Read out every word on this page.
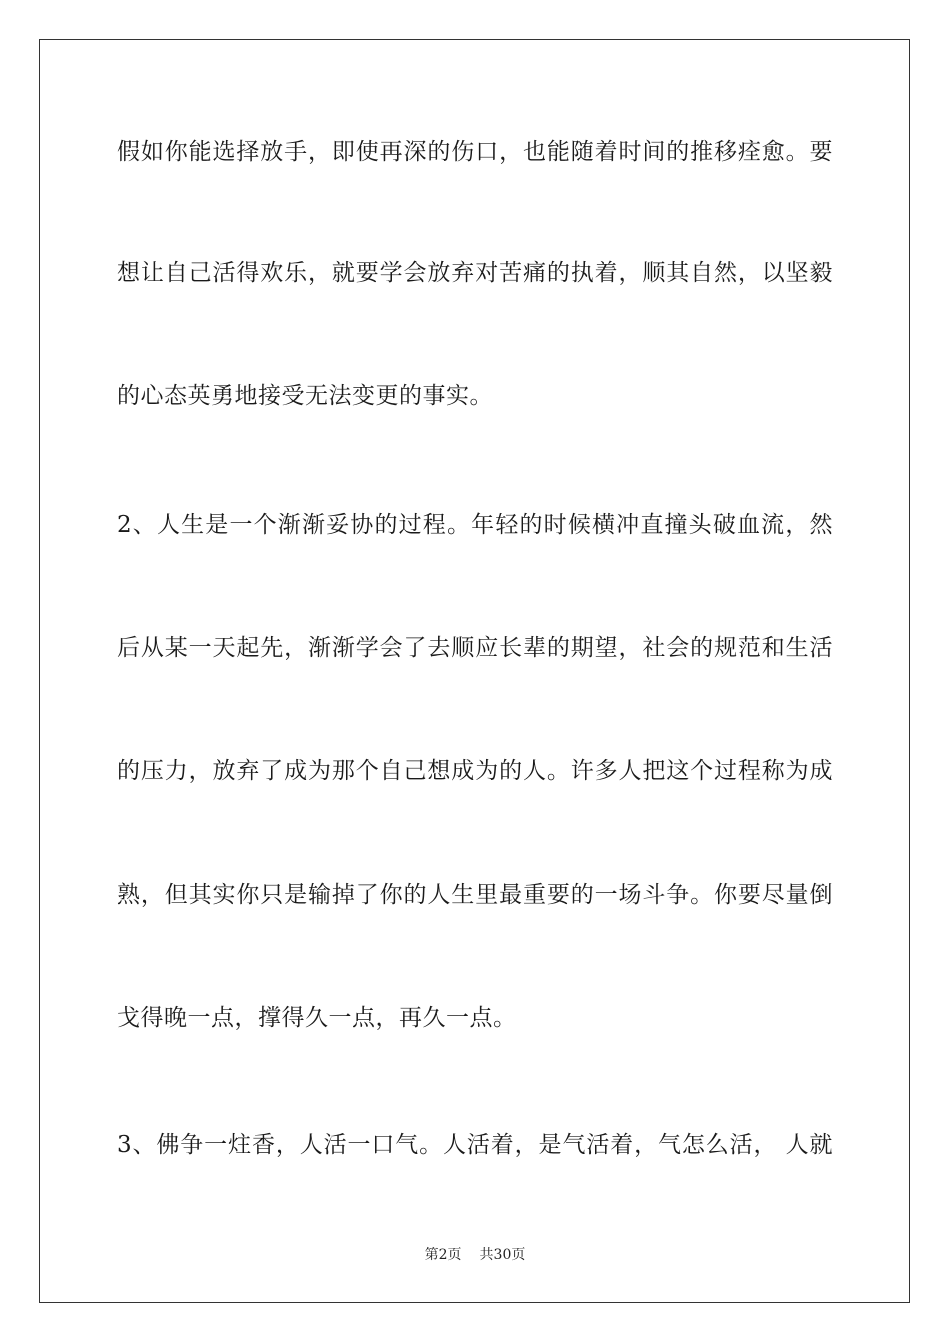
假如你能选择放手，即使再深的伤口，也能随着时间的推移痊愈。要
想让自己活得欢乐，就要学会放弃对苦痛的执着，顺其自然，以坚毅
的心态英勇地接受无法变更的事实。
2、人生是一个渐渐妥协的过程。年轻的时候横冲直撞头破血流，然
后从某一天起先，渐渐学会了去顺应长辈的期望，社会的规范和生活
的压力，放弃了成为那个自己想成为的人。许多人把这个过程称为成
熟，但其实你只是输掉了你的人生里最重要的一场斗争。你要尽量倒
戈得晚一点，撑得久一点，再久一点。
3、佛争一炷香，人活一口气。人活着，是气活着，气怎么活， 人就
第2页 共30页
